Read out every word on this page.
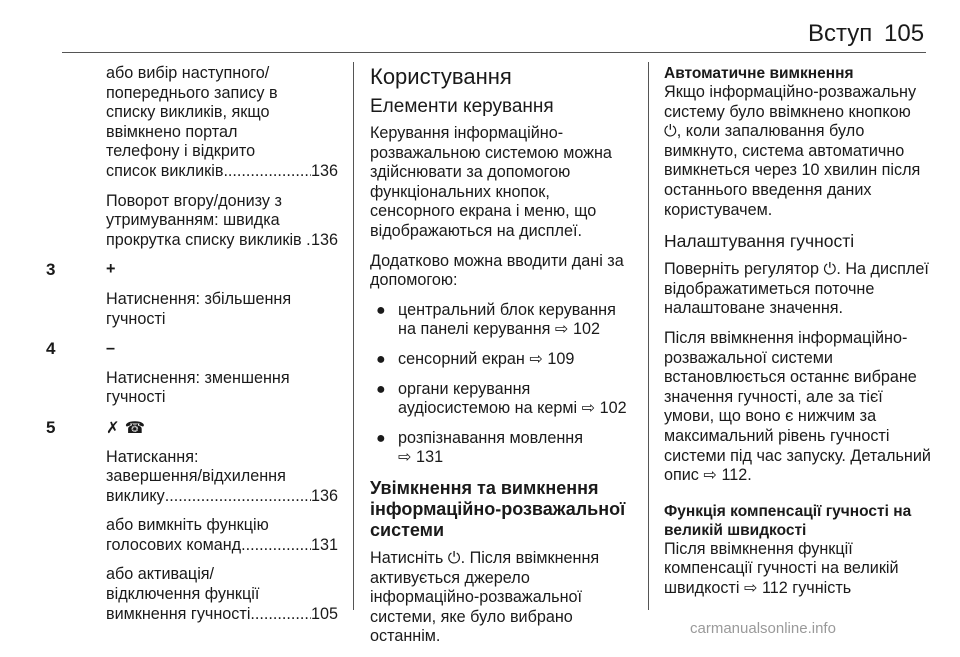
Вступ 105
або вибір наступного/
попереднього запису в
списку викликів, якщо
ввімкнено портал
телефону і відкрито
список викликів .....	136
Поворот вгору/донизу з
утримуванням: швидка
прокрутка списку викликів . ..... 136
3	+
Натиснення: збільшення
гучності
4	–
Натиснення: зменшення
гучності
5	✗ ☎
Натискання:
завершення/відхилення
виклику .....	136
або вимкніть функцію
голосових команд .....	131
або активація/
відключення функції
вимкнення гучності .....	105
Користування
Елементи керування
Керування інформаційно-
розважальною системою можна
здійснювати за допомогою
функціональних кнопок,
сенсорного екрана і меню, що
відображаються на дисплеї.
Додатково можна вводити дані за
допомогою:
● центральний блок керування
на панелі керування ⇨ 102
● сенсорний екран ⇨ 109
● органи керування
аудіосистемою на кермі ⇨ 102
● розпізнавання мовлення
⇨ 131
Увімкнення та вимкнення
інформаційно-розважальної
системи
Натисніть ⏻. Після ввімкнення
активується джерело
інформаційно-розважальної
системи, яке було вибрано
останнім.
Автоматичне вимкнення
Якщо інформаційно-розважальну
систему було ввімкнено кнопкою
⏻, коли запалювання було
вимкнуто, система автоматично
вимкнеться через 10 хвилин після
останнього введення даних
користувачем.
Налаштування гучності
Поверніть регулятор ⏻. На дисплеї
відображатиметься поточне
налаштоване значення.
Після ввімкнення інформаційно-
розважальної системи
встановлюється останнє вибране
значення гучності, але за тієї
умови, що воно є нижчим за
максимальний рівень гучності
системи під час запуску. Детальний
опис ⇨ 112.
Функція компенсації гучності на
великій швидкості
Після ввімкнення функції
компенсації гучності на великій
швидкості ⇨ 112 гучність
carmanualsonline.info
